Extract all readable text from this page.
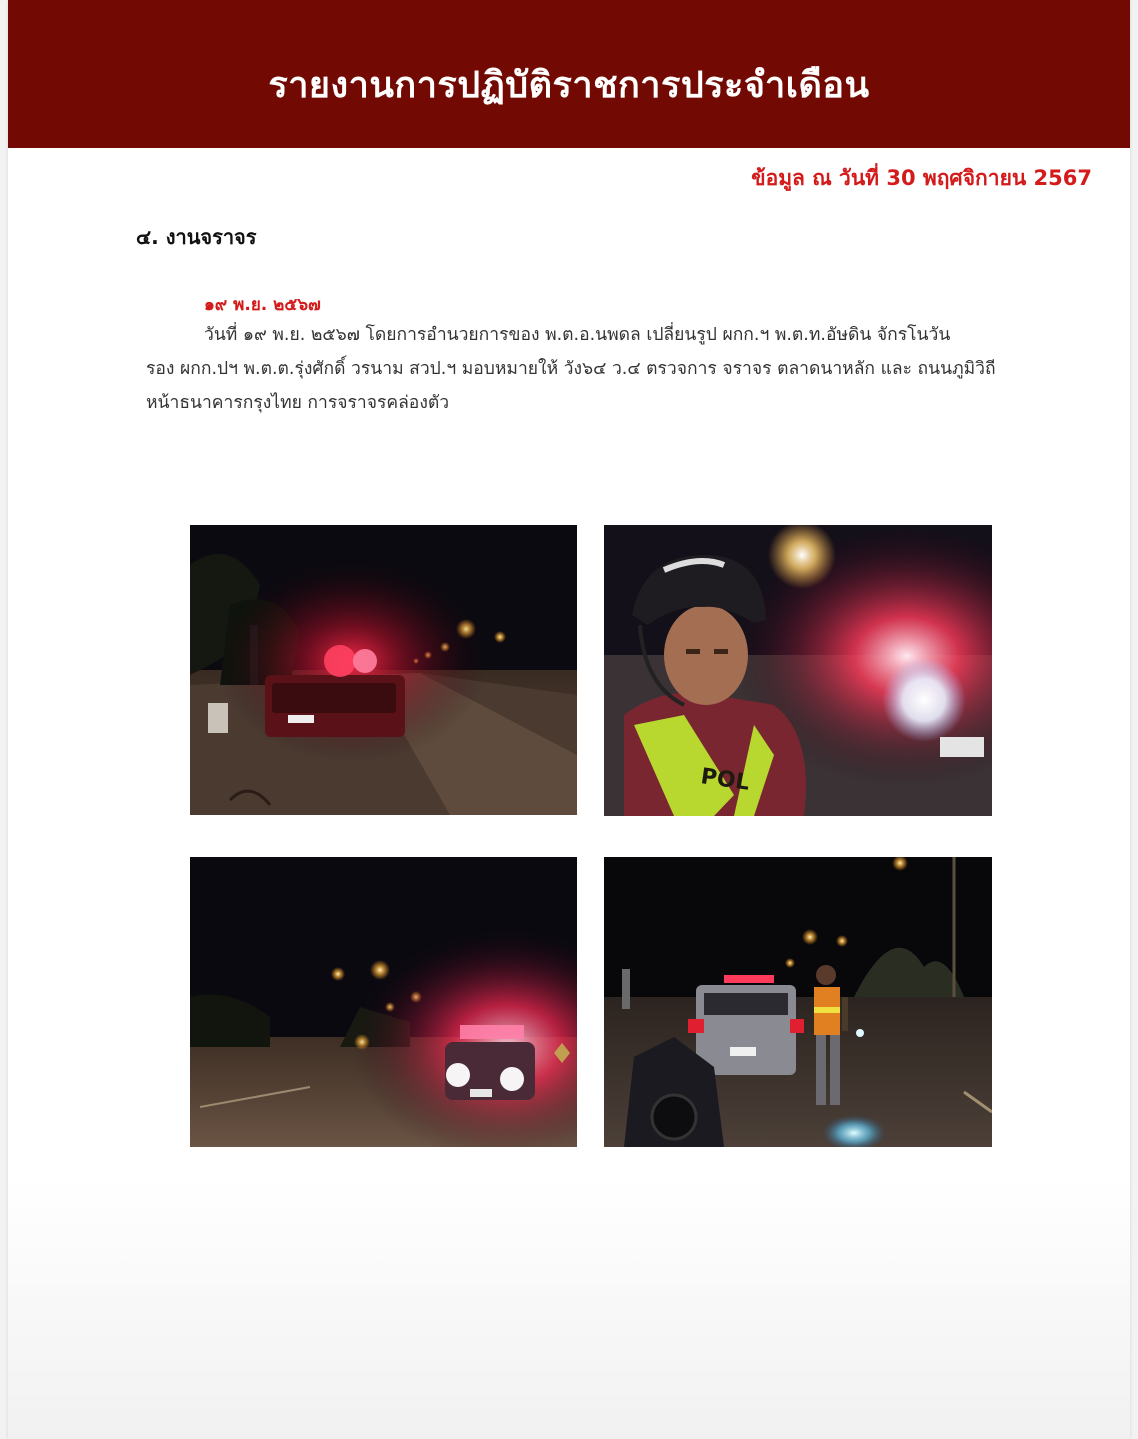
รายงานการปฏิบัติราชการประจำเดือน
ข้อมูล ณ วันที่ 30 พฤศจิกายน 2567
๔. งานจราจร
๑๙ พ.ย. ๒๕๖๗
วันที่ ๑๙ พ.ย. ๒๕๖๗ โดยการอำนวยการของ พ.ต.อ.นพดล เปลี่ยนรูป ผกก.ฯ พ.ต.ท.อัษดิน จักรโนวัน
รอง ผกก.ปฯ พ.ต.ต.รุ่งศักดิ์ วรนาม สวป.ฯ มอบหมายให้ วัง๖๔ ว.๔ ตรวจการ จราจร ตลาดนาหลัก และ ถนนภูมิวิถี
หน้าธนาคารกรุงไทย การจราจรคล่องตัว
POL
